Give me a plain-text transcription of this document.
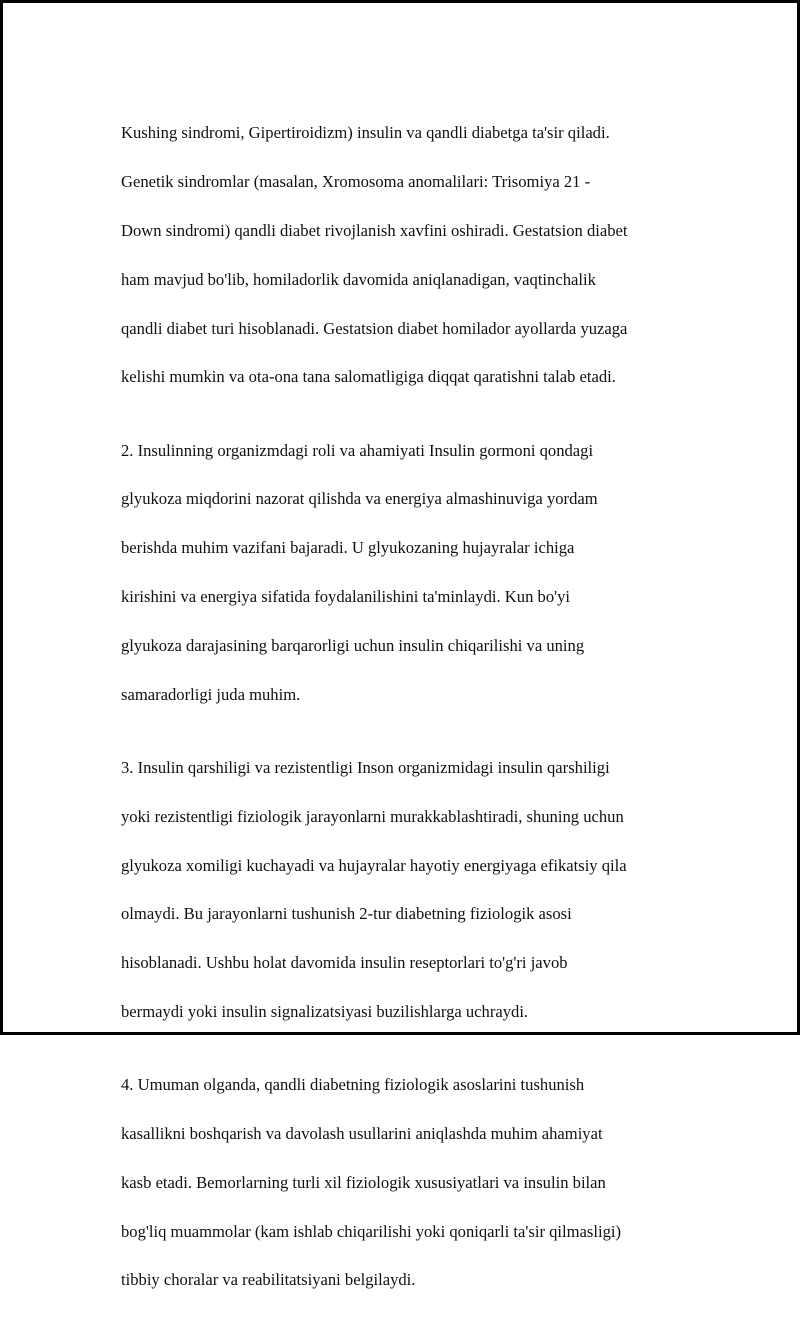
Kushing sindromi, Gipertiroidizm) insulin va qandli diabetga ta'sir qiladi.

Genetik sindromlar (masalan, Xromosoma anomalilari: Trisomiya 21 -

Down sindromi) qandli diabet rivojlanish xavfini oshiradi. Gestatsion diabet

ham mavjud bo'lib, homiladorlik davomida aniqlanadigan, vaqtinchalik

qandli diabet turi hisoblanadi. Gestatsion diabet homilador ayollarda yuzaga

kelishi mumkin va ota-ona tana salomatligiga diqqat qaratishni talab etadi.

2. Insulinning organizmdagi roli va ahamiyati Insulin gormoni qondagi

glyukoza miqdorini nazorat qilishda va energiya almashinuviga yordam

berishda muhim vazifani bajaradi. U glyukozaning hujayralar ichiga

kirishini va energiya sifatida foydalanilishini ta'minlaydi. Kun bo'yi

glyukoza darajasining barqarorligi uchun insulin chiqarilishi va uning

samaradorligi juda muhim.

3. Insulin qarshiligi va rezistentligi Inson organizmidagi insulin qarshiligi

yoki rezistentligi fiziologik jarayonlarni murakkablashtiradi, shuning uchun

glyukoza xomiligi kuchayadi va hujayralar hayotiy energiyaga efikatsiy qila

olmaydi. Bu jarayonlarni tushunish 2-tur diabetning fiziologik asosi

hisoblanadi. Ushbu holat davomida insulin reseptorlari to'g'ri javob

bermaydi yoki insulin signalizatsiyasi buzilishlarga uchraydi.

4. Umuman olganda, qandli diabetning fiziologik asoslarini tushunish

kasallikni boshqarish va davolash usullarini aniqlashda muhim ahamiyat

kasb etadi. Bemorlarning turli xil fiziologik xususiyatlari va insulin bilan

bog'liq muammolar (kam ishlab chiqarilishi yoki qoniqarli ta'sir qilmasligi)

tibbiy choralar va reabilitatsiyani belgilaydi.
